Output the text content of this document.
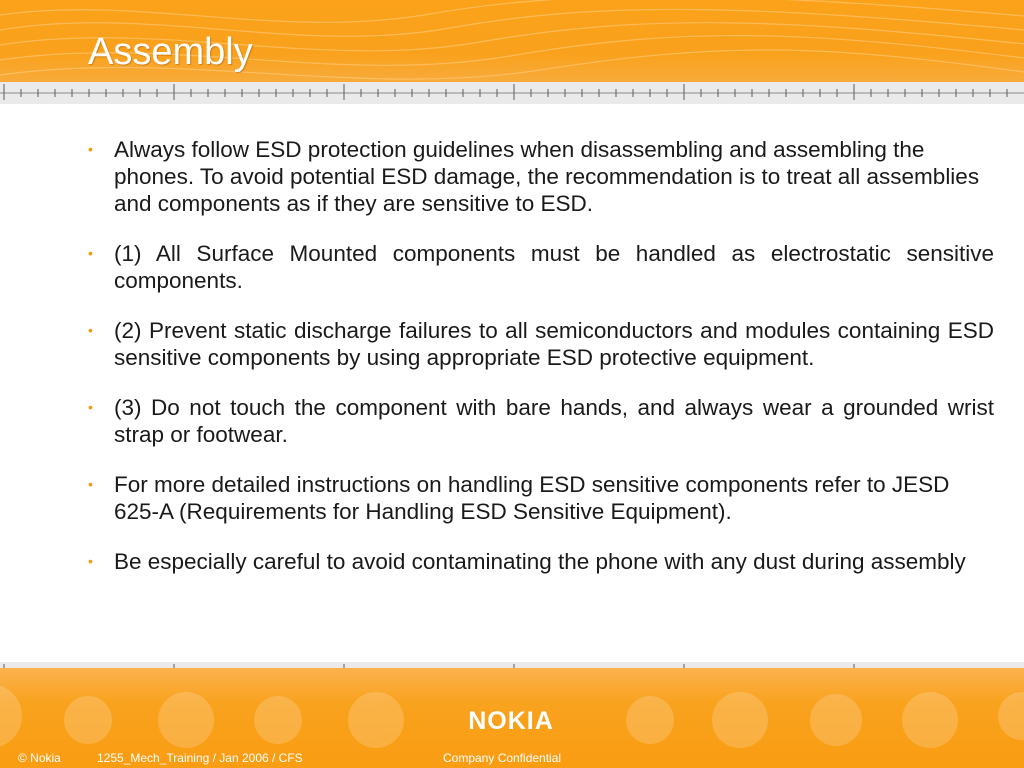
Assembly
• Always follow ESD protection guidelines when disassembling and assembling the phones. To avoid potential ESD damage, the recommendation is to treat all assemblies and components as if they are sensitive to ESD.
• (1) All Surface Mounted components must be handled as electrostatic sensitive components.
• (2) Prevent static discharge failures to all semiconductors and modules containing ESD sensitive components by using appropriate ESD protective equipment.
• (3) Do not touch the component with bare hands, and always wear a grounded wrist strap or footwear.
• For more detailed instructions on handling ESD sensitive components refer to JESD 625-A (Requirements for Handling ESD Sensitive Equipment).
• Be especially careful to avoid contaminating the phone with any dust during assembly
NOKIA
© Nokia	1255_Mech_Training / Jan 2006 / CFS	Company Confidential
